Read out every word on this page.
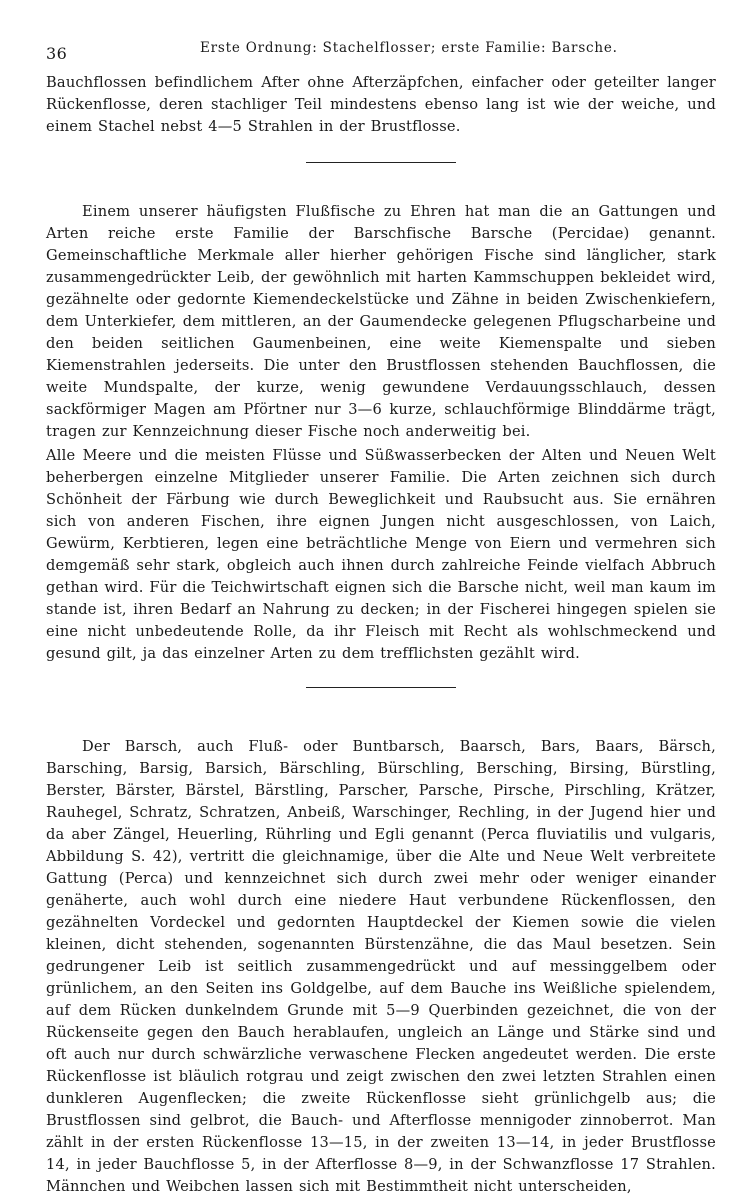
36	Erste Ordnung: Stachelflosser; erste Familie: Barsche.

Bauchflossen befindlichem After ohne Afterzäpfchen, einfacher oder geteilter langer Rückenflosse, deren stachliger Teil mindestens ebenso lang ist wie der weiche, und einem Stachel nebst 4—5 Strahlen in der Brustflosse.

Einem unserer häufigsten Flußfische zu Ehren hat man die an Gattungen und Arten reiche erste Familie der Barschfische Barsche (Percidae) genannt. Gemeinschaftliche Merkmale aller hierher gehörigen Fische sind länglicher, stark zusammengedrückter Leib, der gewöhnlich mit harten Kammschuppen bekleidet wird, gezähnelte oder gedornte Kiemendeckelstücke und Zähne in beiden Zwischenkiefern, dem Unterkiefer, dem mittleren, an der Gaumendecke gelegenen Pflugscharbeine und den beiden seitlichen Gaumenbeinen, eine weite Kiemenspalte und sieben Kiemenstrahlen jederseits. Die unter den Brustflossen stehenden Bauchflossen, die weite Mundspalte, der kurze, wenig gewundene Verdauungsschlauch, dessen sackförmiger Magen am Pförtner nur 3—6 kurze, schlauchförmige Blinddärme trägt, tragen zur Kennzeichnung dieser Fische noch anderweitig bei.

Alle Meere und die meisten Flüsse und Süßwasserbecken der Alten und Neuen Welt beherbergen einzelne Mitglieder unserer Familie. Die Arten zeichnen sich durch Schönheit der Färbung wie durch Beweglichkeit und Raubsucht aus. Sie ernähren sich von anderen Fischen, ihre eignen Jungen nicht ausgeschlossen, von Laich, Gewürm, Kerbtieren, legen eine beträchtliche Menge von Eiern und vermehren sich demgemäß sehr stark, obgleich auch ihnen durch zahlreiche Feinde vielfach Abbruch gethan wird. Für die Teichwirtschaft eignen sich die Barsche nicht, weil man kaum im stande ist, ihren Bedarf an Nahrung zu decken; in der Fischerei hingegen spielen sie eine nicht unbedeutende Rolle, da ihr Fleisch mit Recht als wohlschmeckend und gesund gilt, ja das einzelner Arten zu dem trefflichsten gezählt wird.

Der Barsch, auch Fluß- oder Buntbarsch, Baarsch, Bars, Baars, Bärsch, Barsching, Barsig, Barsich, Bärschling, Bürschling, Bersching, Birsing, Bürstling, Berster, Bärster, Bärstel, Bärstling, Parscher, Parsche, Pirsche, Pirschling, Krätzer, Rauhegel, Schratz, Schratzen, Anbeiß, Warschinger, Rechling, in der Jugend hier und da aber Zängel, Heuerling, Rührling und Egli genannt (Perca fluviatilis und vulgaris, Abbildung S. 42), vertritt die gleichnamige, über die Alte und Neue Welt verbreitete Gattung (Perca) und kennzeichnet sich durch zwei mehr oder weniger einander genäherte, auch wohl durch eine niedere Haut verbundene Rückenflossen, den gezähnelten Vordeckel und gedornten Hauptdeckel der Kiemen sowie die vielen kleinen, dicht stehenden, sogenannten Bürstenzähne, die das Maul besetzen. Sein gedrungener Leib ist seitlich zusammengedrückt und auf messinggelbem oder grünlichem, an den Seiten ins Goldgelbe, auf dem Bauche ins Weißliche spielendem, auf dem Rücken dunkelndem Grunde mit 5—9 Querbinden gezeichnet, die von der Rückenseite gegen den Bauch herablaufen, ungleich an Länge und Stärke sind und oft auch nur durch schwärzliche verwaschene Flecken angedeutet werden. Die erste Rückenflosse ist bläulich rotgrau und zeigt zwischen den zwei letzten Strahlen einen dunkleren Augenflecken; die zweite Rückenflosse sieht grünlichgelb aus; die Brustflossen sind gelbrot, die Bauch- und Afterflosse mennigoder zinnoberrot. Man zählt in der ersten Rückenflosse 13—15, in der zweiten 13—14, in jeder Brustflosse 14, in jeder Bauchflosse 5, in der Afterflosse 8—9, in der Schwanzflosse 17 Strahlen. Männchen und Weibchen lassen sich mit Bestimmtheit nicht unterscheiden,
